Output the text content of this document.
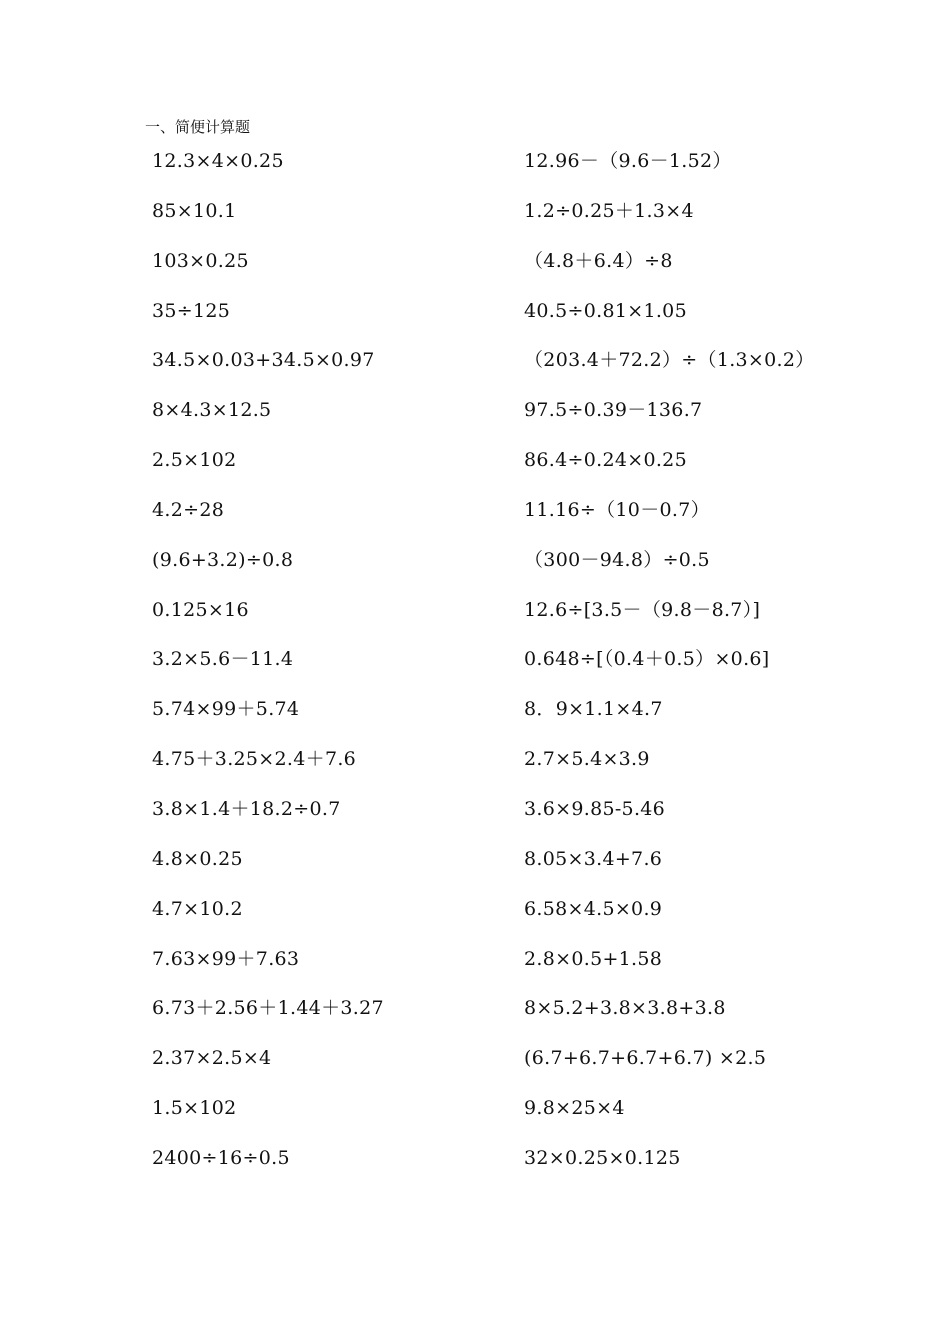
一、简便计算题
12.3×4×0.25
85×10.1
103×0.25
35÷125
34.5×0.03+34.5×0.97
8×4.3×12.5
2.5×102
4.2÷28
(9.6+3.2)÷0.8
0.125×16
3.2×5.6－11.4
5.74×99＋5.74
4.75＋3.25×2.4＋7.6
3.8×1.4＋18.2÷0.7
4.8×0.25
4.7×10.2
7.63×99＋7.63
6.73＋2.56＋1.44＋3.27
2.37×2.5×4
1.5×102
2400÷16÷0.5
12.96－（9.6－1.52）
1.2÷0.25＋1.3×4
（4.8＋6.4）÷8
40.5÷0.81×1.05
（203.4＋72.2）÷（1.3×0.2）
97.5÷0.39－136.7
86.4÷0.24×0.25
11.16÷（10－0.7）
（300－94.8）÷0.5
12.6÷[3.5－（9.8－8.7）]
0.648÷[（0.4＋0.5）×0.6]
8．9×1.1×4.7
2.7×5.4×3.9
3.6×9.85-5.46
8.05×3.4+7.6
6.58×4.5×0.9
2.8×0.5+1.58
8×5.2+3.8×3.8+3.8
(6.7+6.7+6.7+6.7) ×2.5
9.8×25×4
32×0.25×0.125
